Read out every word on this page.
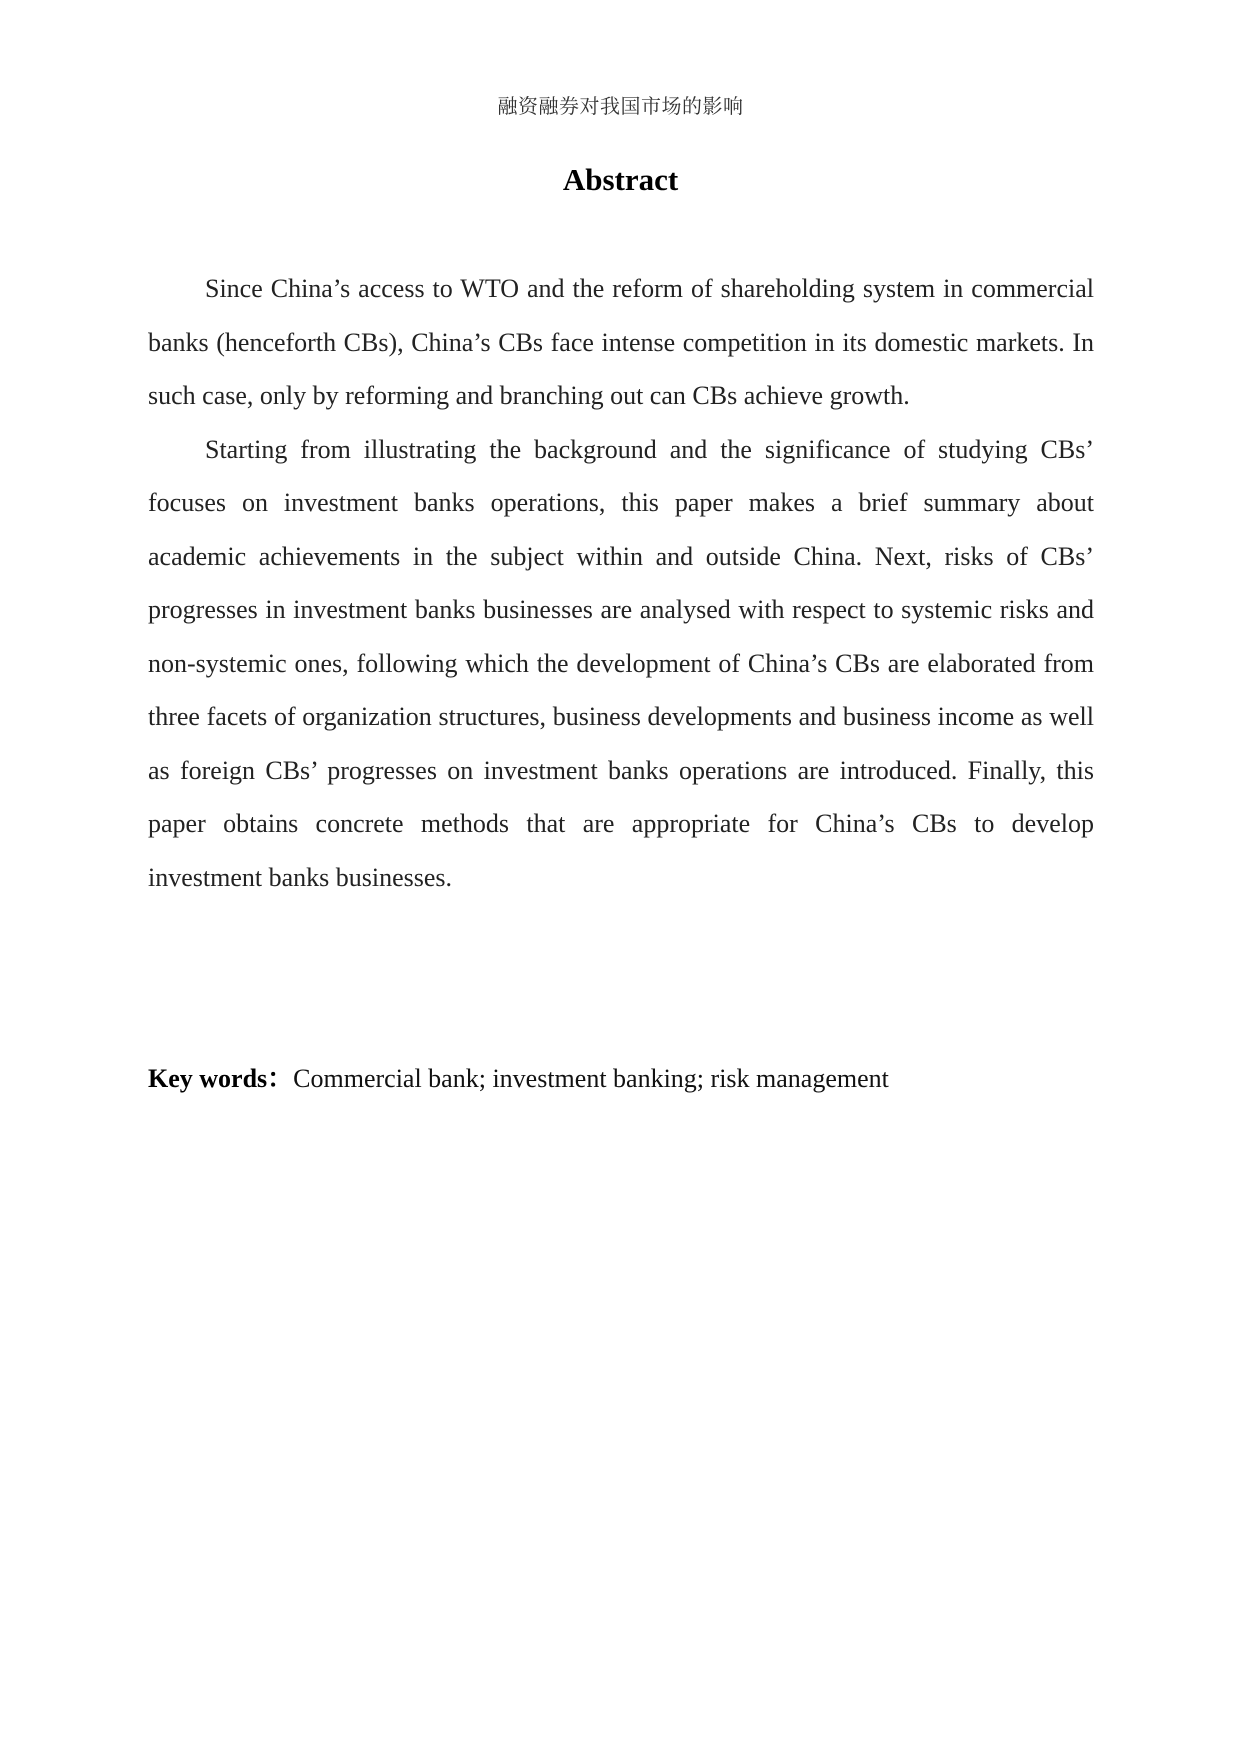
融资融券对我国市场的影响
Abstract

Since China’s access to WTO and the reform of shareholding system in commercial banks (henceforth CBs), China’s CBs face intense competition in its domestic markets. In such case, only by reforming and branching out can CBs achieve growth.

Starting from illustrating the background and the significance of studying CBs’ focuses on investment banks operations, this paper makes a brief summary about academic achievements in the subject within and outside China. Next, risks of CBs’ progresses in investment banks businesses are analysed with respect to systemic risks and non-systemic ones, following which the development of China’s CBs are elaborated from three facets of organization structures, business developments and business income as well as foreign CBs’ progresses on investment banks operations are introduced. Finally, this paper obtains concrete methods that are appropriate for China’s CBs to develop investment banks businesses.

Key words：Commercial bank; investment banking; risk management
